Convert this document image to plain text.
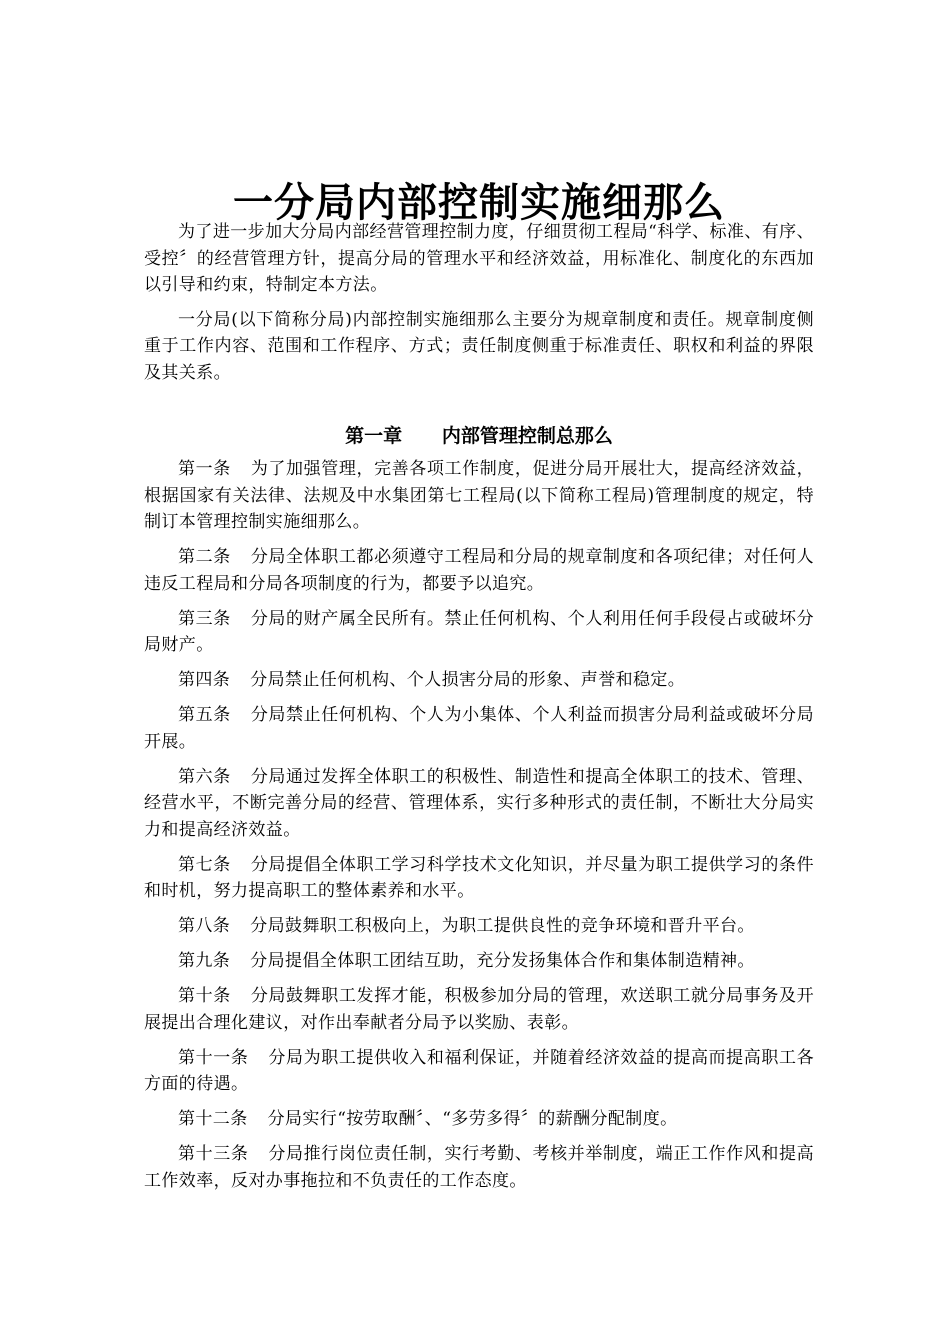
一分局内部控制实施细那么

为了进一步加大分局内部经营管理控制力度，仔细贯彻工程局“科学、标准、有序、受控〞的经营管理方针，提高分局的管理水平和经济效益，用标准化、制度化的东西加以引导和约束，特制定本方法。

一分局(以下简称分局)内部控制实施细那么主要分为规章制度和责任。规章制度侧重于工作内容、范围和工作程序、方式；责任制度侧重于标准责任、职权和利益的界限及其关系。

第一章      内部管理控制总那么

第一条 为了加强管理，完善各项工作制度，促进分局开展壮大，提高经济效益，根据国家有关法律、法规及中水集团第七工程局(以下简称工程局)管理制度的规定，特制订本管理控制实施细那么。

第二条 分局全体职工都必须遵守工程局和分局的规章制度和各项纪律；对任何人违反工程局和分局各项制度的行为，都要予以追究。

第三条 分局的财产属全民所有。禁止任何机构、个人利用任何手段侵占或破坏分局财产。

第四条 分局禁止任何机构、个人损害分局的形象、声誉和稳定。

第五条 分局禁止任何机构、个人为小集体、个人利益而损害分局利益或破坏分局开展。

第六条 分局通过发挥全体职工的积极性、制造性和提高全体职工的技术、管理、经营水平，不断完善分局的经营、管理体系，实行多种形式的责任制，不断壮大分局实力和提高经济效益。

第七条 分局提倡全体职工学习科学技术文化知识，并尽量为职工提供学习的条件和时机，努力提高职工的整体素养和水平。

第八条 分局鼓舞职工积极向上，为职工提供良性的竞争环境和晋升平台。

第九条 分局提倡全体职工团结互助，充分发扬集体合作和集体制造精神。

第十条 分局鼓舞职工发挥才能，积极参加分局的管理，欢送职工就分局事务及开展提出合理化建议，对作出奉献者分局予以奖励、表彰。

第十一条 分局为职工提供收入和福利保证，并随着经济效益的提高而提高职工各方面的待遇。

第十二条 分局实行“按劳取酬〞、“多劳多得〞的薪酬分配制度。

第十三条 分局推行岗位责任制，实行考勤、考核并举制度，端正工作作风和提高工作效率，反对办事拖拉和不负责任的工作态度。
